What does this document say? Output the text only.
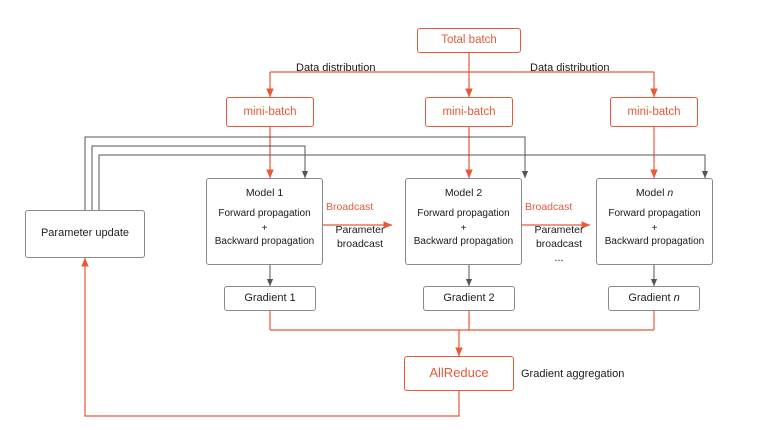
Total batch
Data distribution	Data distribution
mini-batch	mini-batch	mini-batch
Model 1
Forward propagation
+
Backward propagation
Model 2
Forward propagation
+
Backward propagation
Model n
Forward propagation
+
Backward propagation
Broadcast	Broadcast
Parameter
broadcast
Parameter
broadcast
...
Parameter update
Gradient 1	Gradient 2	Gradient n
AllReduce	Gradient aggregation
